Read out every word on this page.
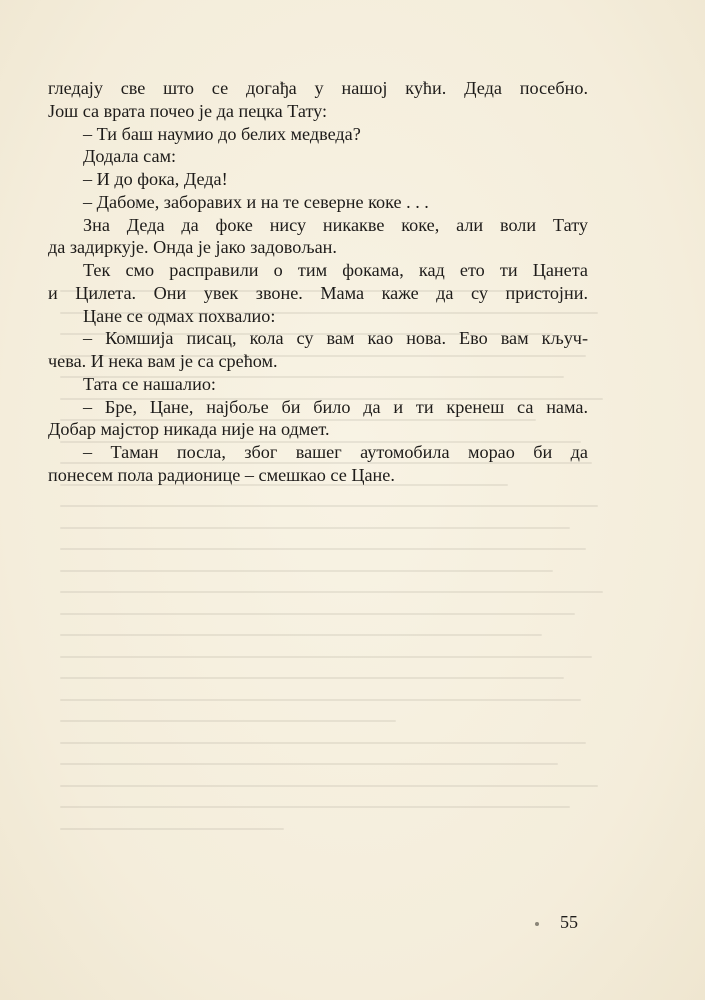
гледају све што се догађа у нашој кући. Деда посебно.
Још са врата почео је да пецка Тату:
– Ти баш наумио до белих медведа?
Додала сам:
– И до фока, Деда!
– Дабоме, заборавих и на те северне коке . . .
Зна Деда да фоке нису никакве коке, али воли Тату
да задиркује. Онда је јако задовољан.
Тек смо расправили о тим фокама, кад ето ти Цанета
и Цилета. Они увек звоне. Мама каже да су пристојни.
Цане се одмах похвалио:
– Комшија писац, кола су вам као нова. Ево вам кључ-
чева. И нека вам је са срећом.
Тата се нашалио:
– Бре, Цане, најбоље би било да и ти кренеш са нама.
Добар мајстор никада није на одмет.
– Таман посла, због вашег аутомобила морао би да
понесем пола радионице – смешкао се Цане.
55
